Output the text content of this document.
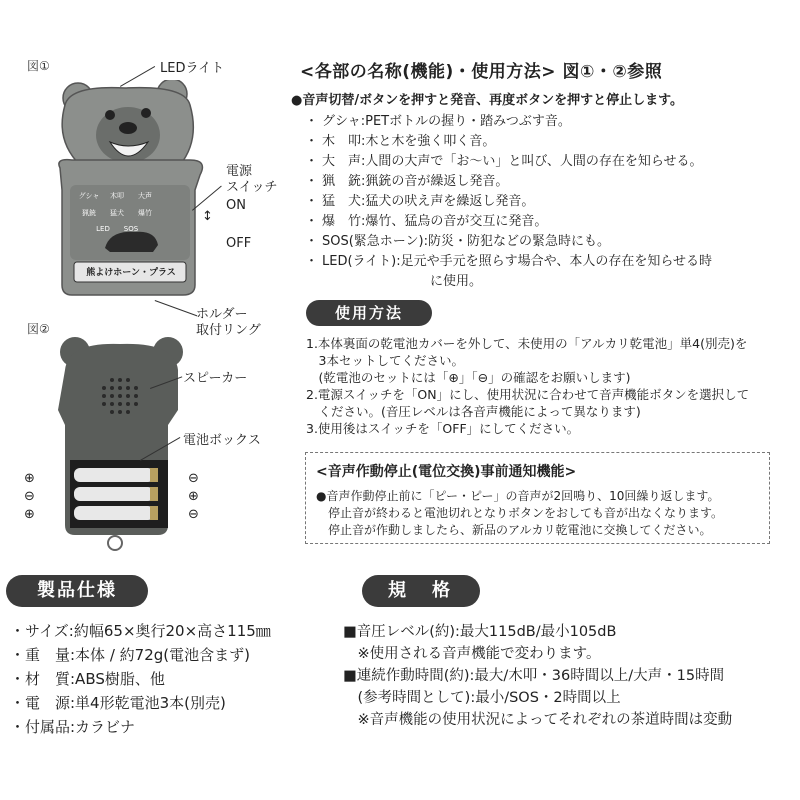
図①
グシャ	木叩	大声
猟銃	猛犬	爆竹
LED	SOS
熊よけホーン・プラス
LEDライト
電源
スイッチ
ON
↕
OFF
ホルダー
取付リング
図②
スピーカー
電池ボックス
⊕
⊖
⊕
⊖
⊕
⊖
<各部の名称(機能)・使用方法> 図①・②参照
●音声切替/ボタンを押すと発音、再度ボタンを押すと停止します。
・ グシャ :PETボトルの握り・踏みつぶす音。
・ 木　叩 :木と木を強く叩く音。
・ 大　声 :人間の大声で「お〜い」と叫び、人間の存在を知らせる。
・ 猟　銃 :猟銃の音が繰返し発音。
・ 猛　犬 :猛犬の吠え声を繰返し発音。
・ 爆　竹 :爆竹、猛烏の音が交互に発音。
・ SOS(緊急ホーン) :防災・防犯などの緊急時にも。
・ LED(ライト) :足元や手元を照らす場合や、本人の存在を知らせる時
に使用。
使用方法
1.本体裏面の乾電池カバーを外して、未使用の「アルカリ乾電池」単4(別売)を
　3本セットしてください。
　(乾電池のセットには「⊕」「⊖」の確認をお願いします)
2.電源スイッチを「ON」にし、使用状況に合わせて音声機能ボタンを選択して
　ください。(音圧レベルは各音声機能によって異なります)
3.使用後はスイッチを「OFF」にしてください。
<音声作動停止(電位交換)事前通知機能>
●音声作動停止前に「ピー・ピー」の音声が2回鳴り、10回繰り返します。
　停止音が終わると電池切れとなりボタンをおしても音が出なくなります。
　停止音が作動しましたら、新品のアルカリ乾電池に交換してください。
製品仕様
・サイズ:約幅65×奥行20×高さ115㎜
・重　量:本体 / 約72g(電池含まず)
・材　質:ABS樹脂、他
・電　源:単4形乾電池3本(別売)
・付属品:カラビナ
規　格
■音圧レベル(約):最大115dB/最小105dB
　※使用される音声機能で変わります。
■連続作動時間(約):最大/木叩・36時間以上/大声・15時間
　(参考時間として):最小/SOS・2時間以上
　※音声機能の使用状況によってそれぞれの茶道時間は変動
